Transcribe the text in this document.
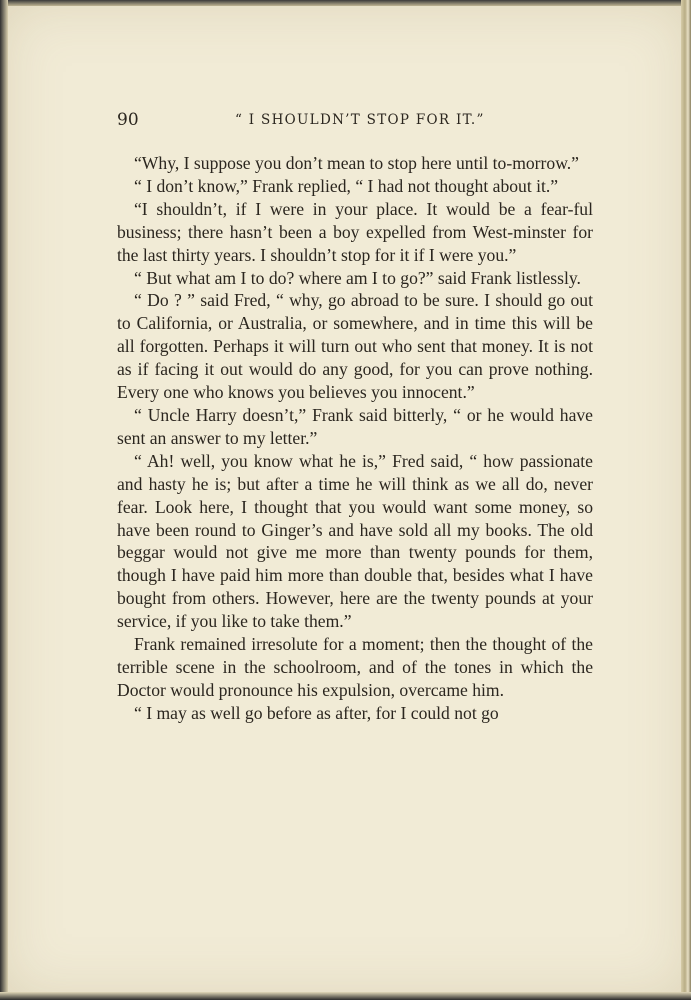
90	“ I SHOULDN’T STOP FOR IT.”

“Why, I suppose you don’t mean to stop here until to-morrow.”

“ I don’t know,” Frank replied, “ I had not thought about it.”

“I shouldn’t, if I were in your place. It would be a fear-ful business; there hasn’t been a boy expelled from West-minster for the last thirty years. I shouldn’t stop for it if I were you.”

“ But what am I to do? where am I to go?” said Frank listlessly.

“ Do ? ” said Fred, “ why, go abroad to be sure. I should go out to California, or Australia, or somewhere, and in time this will be all forgotten. Perhaps it will turn out who sent that money. It is not as if facing it out would do any good, for you can prove nothing. Every one who knows you believes you innocent.”

“ Uncle Harry doesn’t,” Frank said bitterly, “ or he would have sent an answer to my letter.”

“ Ah! well, you know what he is,” Fred said, “ how passionate and hasty he is; but after a time he will think as we all do, never fear. Look here, I thought that you would want some money, so have been round to Ginger’s and have sold all my books. The old beggar would not give me more than twenty pounds for them, though I have paid him more than double that, besides what I have bought from others. However, here are the twenty pounds at your service, if you like to take them.”

Frank remained irresolute for a moment; then the thought of the terrible scene in the schoolroom, and of the tones in which the Doctor would pronounce his expulsion, overcame him.

“ I may as well go before as after, for I could not go
